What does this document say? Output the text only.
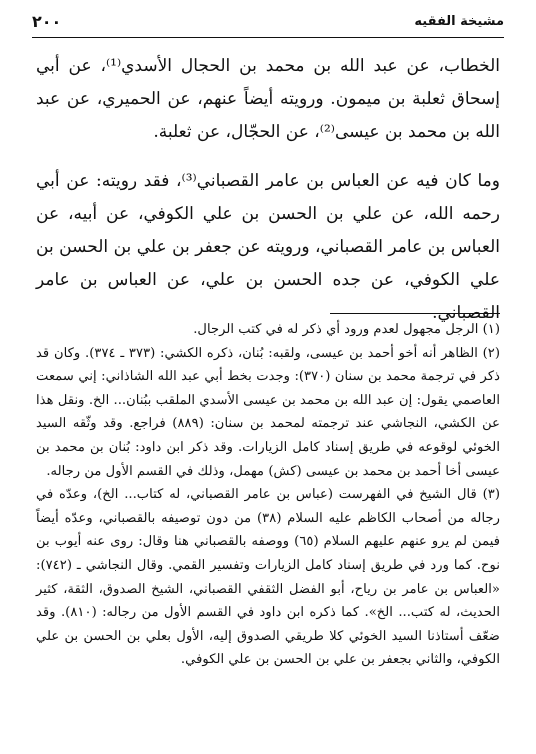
٢٠٠	مشيخة الفقيه

الخطاب، عن عبد الله بن محمد بن الحجال الأسدي⁽¹⁾، عن أبي إسحاق ثعلبة بن ميمون. ورويته أيضاً عنهم، عن الحميري، عن عبد الله بن محمد بن عيسى⁽²⁾، عن الحجّال، عن ثعلبة.

وما كان فيه عن العباس بن عامر القصباني⁽³⁾، فقد رويته: عن أبي رحمه الله، عن علي بن الحسن بن علي الكوفي، عن أبيه، عن العباس بن عامر القصباني، ورويته عن جعفر بن علي بن الحسن بن علي الكوفي، عن جده الحسن بن علي، عن العباس بن عامر القصباني.

(١) الرجل مجهول لعدم ورود أي ذكر له في كتب الرجال.

(٢) الظاهر أنه أخو أحمد بن عيسى، ولقبه: بُنان، ذكره الكشي: (٣٧٣ ـ ٣٧٤). وكان قد ذكر في ترجمة محمد بن سنان (٣٧٠): وجدت بخط أبي عبد الله الشاذاني: إني سمعت العاصمي يقول: إن عبد الله بن محمد بن عيسى الأسدي الملقب ببُنان... الخ. ونقل هذا عن الكشي، النجاشي عند ترجمته لمحمد بن سنان: (٨٨٩) فراجع. وقد وثّقه السيد الخوئي لوقوعه في طريق إسناد كامل الزيارات. وقد ذكر ابن داود: بُنان بن محمد بن عيسى أخا أحمد بن محمد بن عيسى (كش) مهمل، وذلك في القسم الأول من رجاله.

(٣) قال الشيخ في الفهرست (عباس بن عامر القصباني، له كتاب... الخ)، وعدّه في رجاله من أصحاب الكاظم عليه السلام (٣٨) من دون توصيفه بالقصباني، وعدّه أيضاً فيمن لم يرو عنهم عليهم السلام (٦٥) ووصفه بالقصباني هنا وقال: روى عنه أيوب بن نوح. كما ورد في طريق إسناد كامل الزيارات وتفسير القمي. وقال النجاشي ـ (٧٤٢): «العباس بن عامر بن رياح، أبو الفضل الثقفي القصباني، الشيخ الصدوق، الثقة، كثير الحديث، له كتب... الخ». كما ذكره ابن داود في القسم الأول من رجاله: (٨١٠). وقد ضعّف أستاذنا السيد الخوئي كلا طريقي الصدوق إليه، الأول بعلي بن الحسن بن علي الكوفي، والثاني بجعفر بن علي بن الحسن بن علي الكوفي.
